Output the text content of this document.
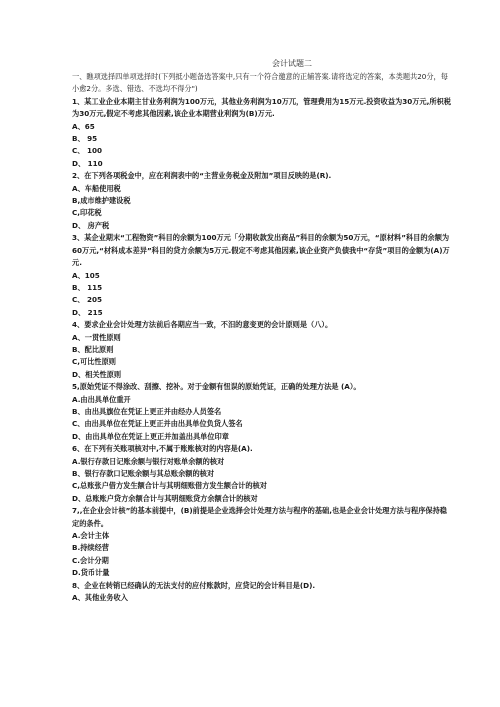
会计试题二
一、瞧项选择四单项选择时(下列抵小题备选答案中,只有一个符合邀意的正辅答案.请将选定的答案，本类题共20分，每小愈2分。多选、错选、不选均不得分")
1、某工业企业本期主甘业务利润为100万元，其他业务利润为10万兀，管理费用为15万元.投资收益为30万元,所枳税为30万元,假定不考虑其他因素,该企业本期营业利润为(B)万元.
A、65
B、 95
C、 100
D、 110
2、在下列各项税金中，应在利润表中的“主营业务税金及附加”项目反映的是(R).
A、车船使用税
B,成市维护建设税
C,印花税
D、 房产税
3、某企业期末“工程物资”科目的余额为100万元「分期收款发出商品”科目的余额为50万元，“原材料”科目的余额为60万元,“材科成本差异”科目的贷方余额为5万元.假定不考虑其他因素,该企业资产负债我中“存货”项目的金额为(A)万元.
A、105
B、 115
C、 205
D、 215
4、要求企业会计处理方法前后各期应当一致，不汨的意变更的会计原则是（八）。
A、一贯性原则
B、配比原则
C,可比性原则
D、相关性原则
5,原始凭证不得涂改、刮擦、挖补。对于金额有忸误的原始凭证，正确的处理方法是 (A）。
A.由出具单位重开
B、由出具旗位在凭证上更正并由经办人员签名
C、由出具单位在凭证上更正并由出具单位负货人签名
D、由出具单位在凭证上更正并加盖出具单位印章
6、在下列有关账项核对中,不属于账账核对的内容是(A).
A.银行存款日记账余额与银行对账单余额的核对
B、银行存款口记账余额与其总账余额的核对
C,总账张户借方发生额合计与其明细账借方发生额合计的核对
D、总账账户贷方余额合计与其明细账贷方余额合计的核对
7,,在企业会计核”的基本前提中，(B)前提是企业选择会计处理方法与程序的基础,也是企业会计处理方法与程序保持稳定的条件。
A.会计主体
B.持续经营
C.会计分期
D.货币计量
8、企业在转销已经确认的无法支付的应付账款时，应贷记的会计科目是(D).
A、其他业务收入
